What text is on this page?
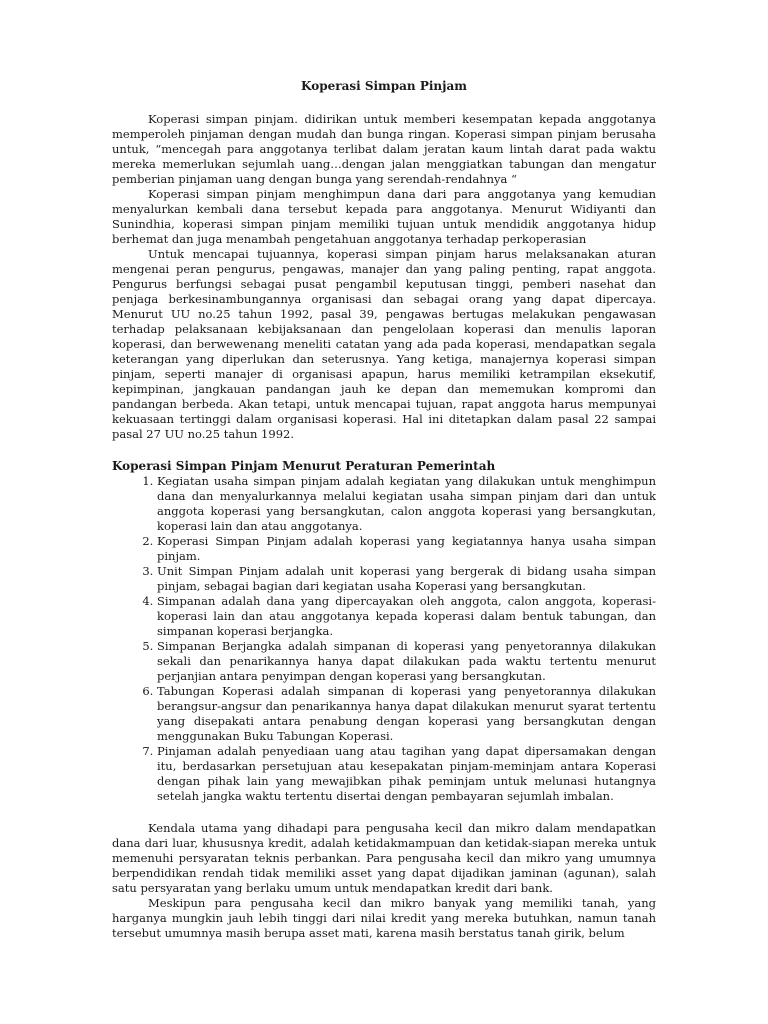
Koperasi Simpan Pinjam

Koperasi simpan pinjam. didirikan untuk memberi kesempatan kepada anggotanya memperoleh pinjaman dengan mudah dan bunga ringan. Koperasi simpan pinjam berusaha untuk, “mencegah para anggotanya terlibat dalam jeratan kaum lintah darat pada waktu mereka memerlukan sejumlah uang…dengan jalan menggiatkan tabungan dan mengatur pemberian pinjaman uang dengan bunga yang serendah-rendahnya “

Koperasi simpan pinjam menghimpun dana dari para anggotanya yang kemudian menyalurkan kembali dana tersebut kepada para anggotanya. Menurut Widiyanti dan Sunindhia, koperasi simpan pinjam memiliki tujuan untuk mendidik anggotanya hidup berhemat dan juga menambah pengetahuan anggotanya terhadap perkoperasian

Untuk mencapai tujuannya, koperasi simpan pinjam harus melaksanakan aturan mengenai peran pengurus, pengawas, manajer dan yang paling penting, rapat anggota. Pengurus berfungsi sebagai pusat pengambil keputusan tinggi, pemberi nasehat dan penjaga berkesinambungannya organisasi dan sebagai orang yang dapat dipercaya. Menurut UU no.25 tahun 1992, pasal 39, pengawas bertugas melakukan pengawasan terhadap pelaksanaan kebijaksanaan dan pengelolaan koperasi dan menulis laporan koperasi, dan berwewenang meneliti catatan yang ada pada koperasi, mendapatkan segala keterangan yang diperlukan dan seterusnya. Yang ketiga, manajernya koperasi simpan pinjam, seperti manajer di organisasi apapun, harus memiliki ketrampilan eksekutif, kepimpinan, jangkauan pandangan jauh ke depan dan mememukan kompromi dan pandangan berbeda. Akan tetapi, untuk mencapai tujuan, rapat anggota harus mempunyai kekuasaan tertinggi dalam organisasi koperasi. Hal ini ditetapkan dalam pasal 22 sampai pasal 27 UU no.25 tahun 1992.

Koperasi Simpan Pinjam Menurut Peraturan Pemerintah
1. Kegiatan usaha simpan pinjam adalah kegiatan yang dilakukan untuk menghimpun dana dan menyalurkannya melalui kegiatan usaha simpan pinjam dari dan untuk anggota koperasi yang bersangkutan, calon anggota koperasi yang bersangkutan, koperasi lain dan atau anggotanya.
2. Koperasi Simpan Pinjam adalah koperasi yang kegiatannya hanya usaha simpan pinjam.
3. Unit Simpan Pinjam adalah unit koperasi yang bergerak di bidang usaha simpan pinjam, sebagai bagian dari kegiatan usaha Koperasi yang bersangkutan.
4. Simpanan adalah dana yang dipercayakan oleh anggota, calon anggota, koperasi-koperasi lain dan atau anggotanya kepada koperasi dalam bentuk tabungan, dan simpanan koperasi berjangka.
5. Simpanan Berjangka adalah simpanan di koperasi yang penyetorannya dilakukan sekali dan penarikannya hanya dapat dilakukan pada waktu tertentu menurut perjanjian antara penyimpan dengan koperasi yang bersangkutan.
6. Tabungan Koperasi adalah simpanan di koperasi yang penyetorannya dilakukan berangsur-angsur dan penarikannya hanya dapat dilakukan menurut syarat tertentu yang disepakati antara penabung dengan koperasi yang bersangkutan dengan menggunakan Buku Tabungan Koperasi.
7. Pinjaman adalah penyediaan uang atau tagihan yang dapat dipersamakan dengan itu, berdasarkan persetujuan atau kesepakatan pinjam-meminjam antara Koperasi dengan pihak lain yang mewajibkan pihak peminjam untuk melunasi hutangnya setelah jangka waktu tertentu disertai dengan pembayaran sejumlah imbalan.

Kendala utama yang dihadapi para pengusaha kecil dan mikro dalam mendapatkan dana dari luar, khususnya kredit, adalah ketidakmampuan dan ketidak-siapan mereka untuk memenuhi persyaratan teknis perbankan. Para pengusaha kecil dan mikro yang umumnya berpendidikan rendah tidak memiliki asset yang dapat dijadikan jaminan (agunan), salah satu persyaratan yang berlaku umum untuk mendapatkan kredit dari bank.

Meskipun para pengusaha kecil dan mikro banyak yang memiliki tanah, yang harganya mungkin jauh lebih tinggi dari nilai kredit yang mereka butuhkan, namun tanah tersebut umumnya masih berupa asset mati, karena masih berstatus tanah girik, belum
